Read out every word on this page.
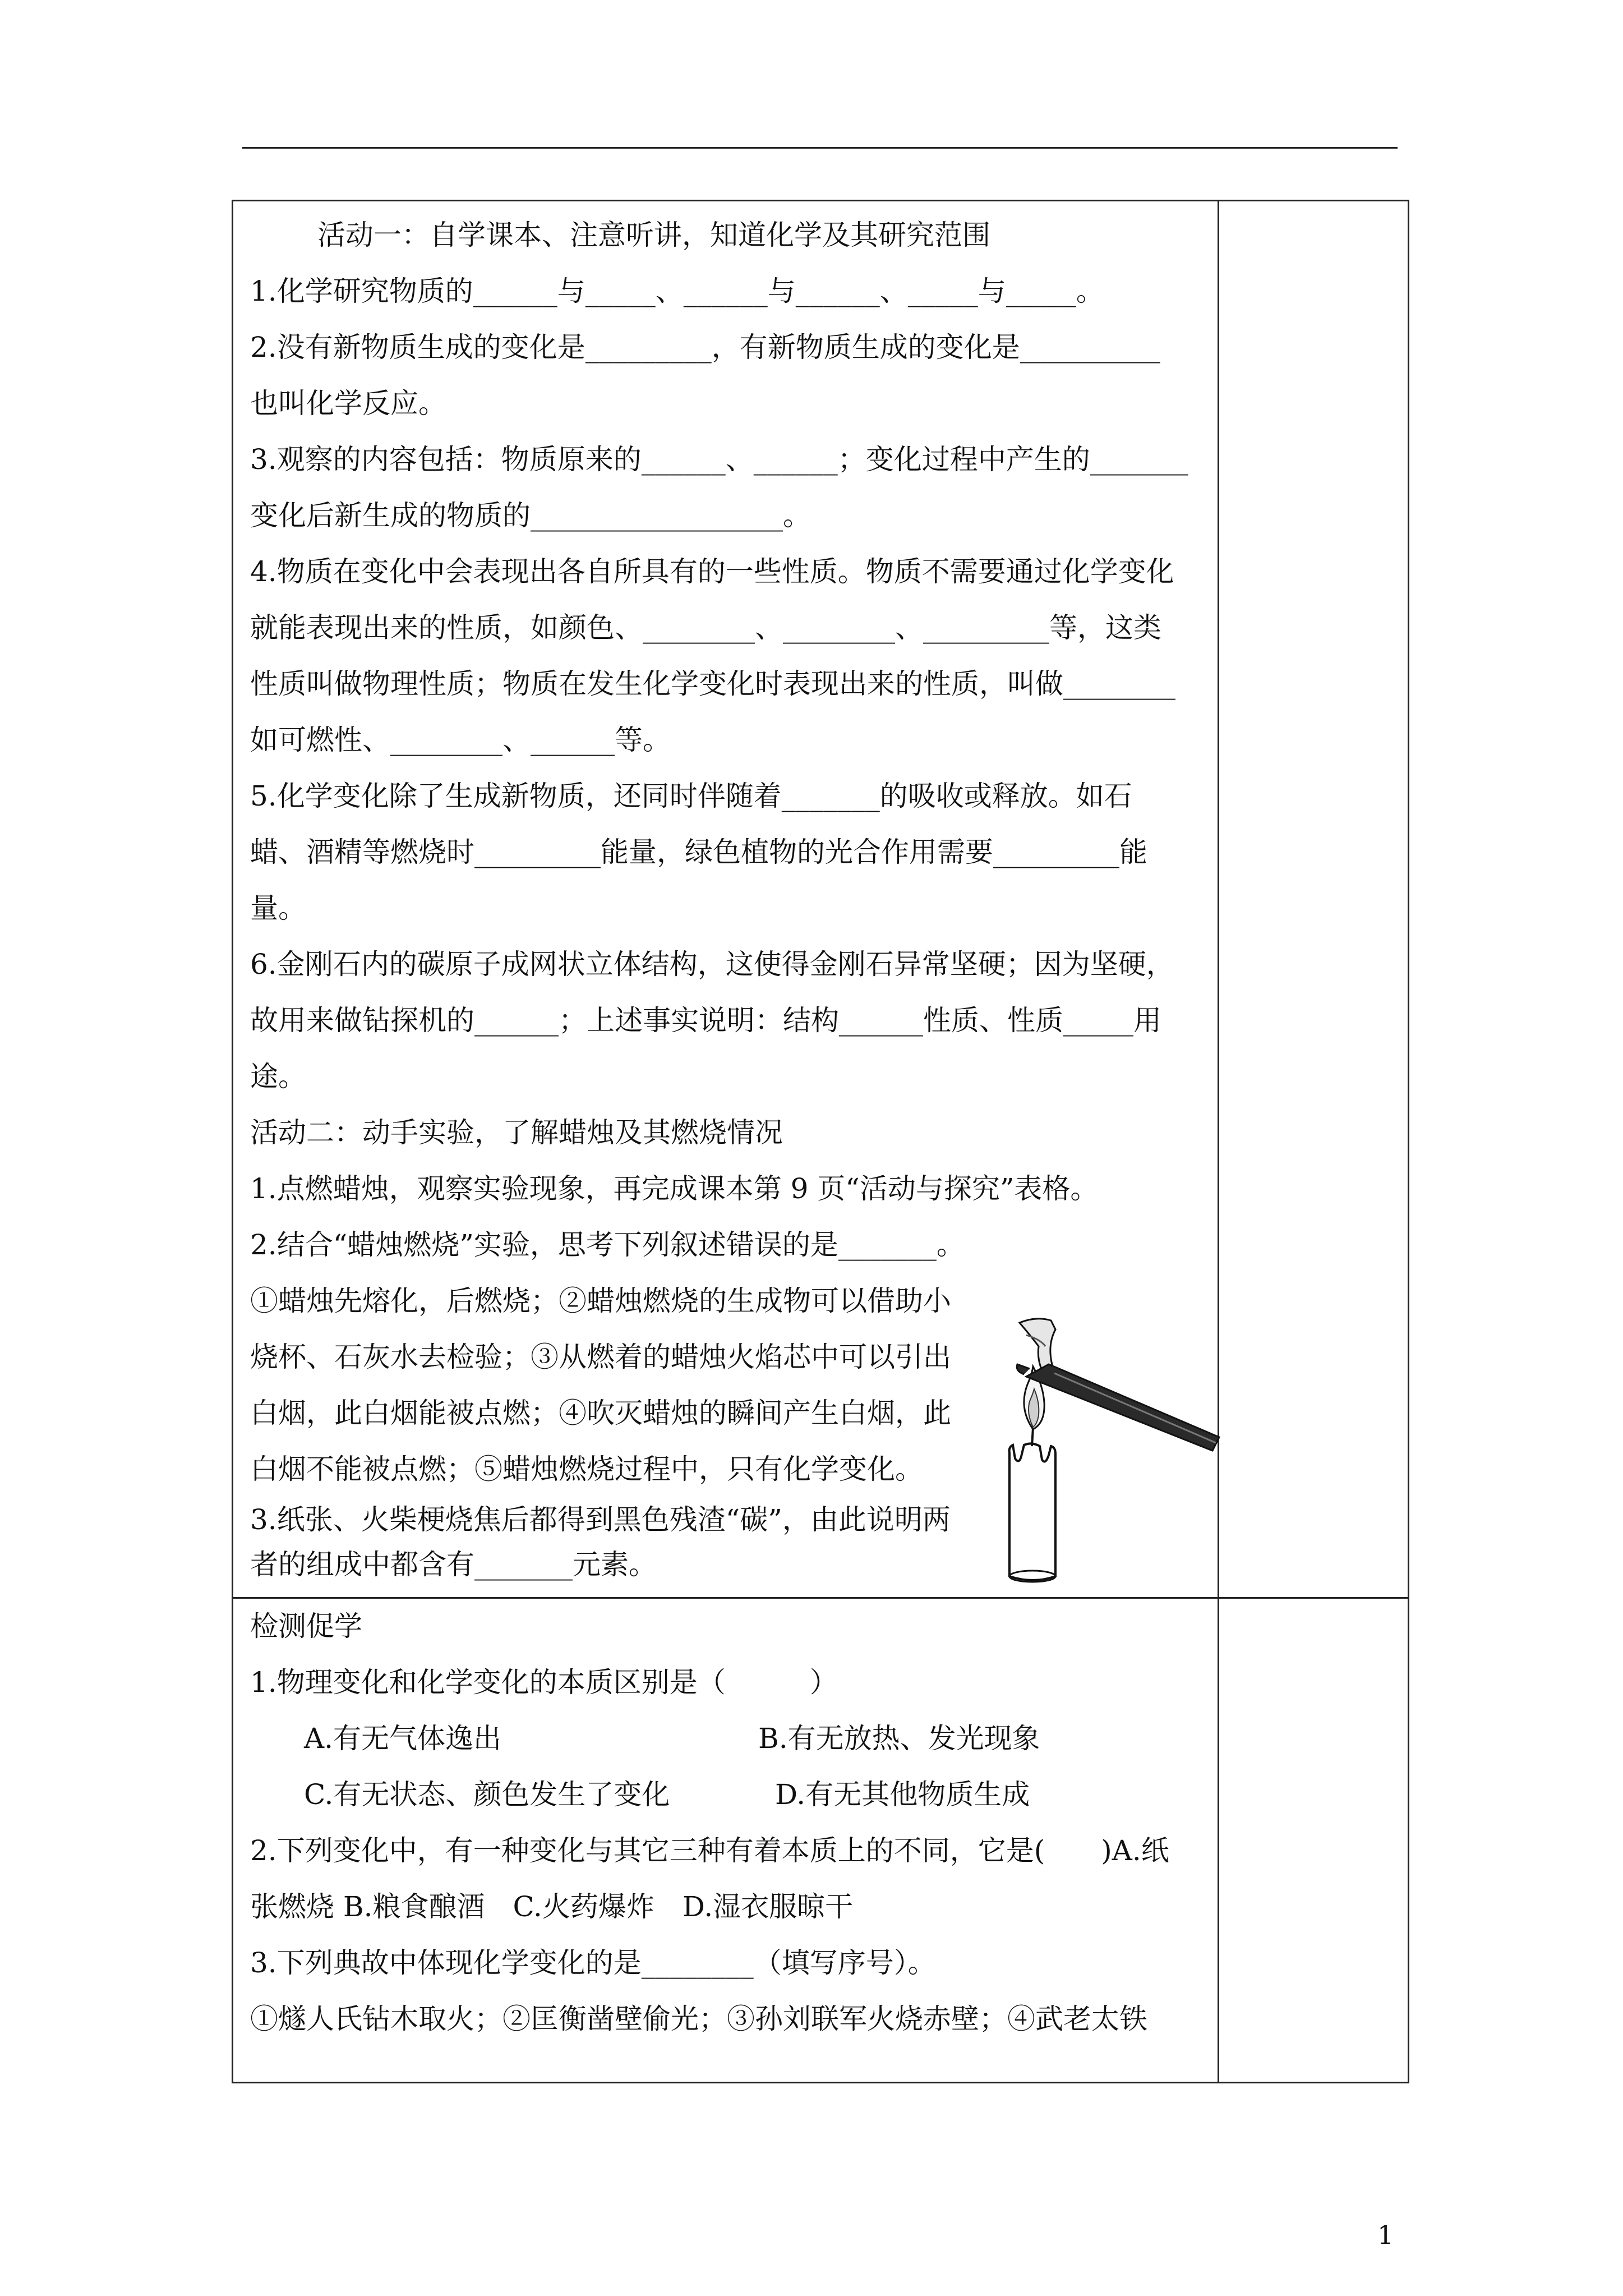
活动一：自学课本、注意听讲，知道化学及其研究范围
1.化学研究物质的______与_____、______与______、_____与_____。
2.没有新物质生成的变化是_________，有新物质生成的变化是__________
也叫化学反应。
3.观察的内容包括：物质原来的______、______；变化过程中产生的_______
变化后新生成的物质的__________________。
4.物质在变化中会表现出各自所具有的一些性质。物质不需要通过化学变化
就能表现出来的性质，如颜色、________、________、_________等，这类
性质叫做物理性质；物质在发生化学变化时表现出来的性质，叫做________
如可燃性、________、______等。
5.化学变化除了生成新物质，还同时伴随着_______的吸收或释放。如石
蜡、酒精等燃烧时_________能量，绿色植物的光合作用需要_________能
量。
6.金刚石内的碳原子成网状立体结构，这使得金刚石异常坚硬；因为坚硬，
故用来做钻探机的______；上述事实说明：结构______性质、性质_____用
途。
活动二：动手实验，了解蜡烛及其燃烧情况
1.点燃蜡烛，观察实验现象，再完成课本第 9 页“活动与探究”表格。
2.结合“蜡烛燃烧”实验，思考下列叙述错误的是_______。
①蜡烛先熔化，后燃烧；②蜡烛燃烧的生成物可以借助小
烧杯、石灰水去检验；③从燃着的蜡烛火焰芯中可以引出
白烟，此白烟能被点燃；④吹灭蜡烛的瞬间产生白烟，此
白烟不能被点燃；⑤蜡烛燃烧过程中，只有化学变化。
3.纸张、火柴梗烧焦后都得到黑色残渣“碳”，由此说明两
者的组成中都含有_______元素。
检测促学
1.物理变化和化学变化的本质区别是（　　　）
A.有无气体逸出	B.有无放热、发光现象
C.有无状态、颜色发生了变化	D.有无其他物质生成
2.下列变化中，有一种变化与其它三种有着本质上的不同，它是(　　)A.纸
张燃烧 B.粮食酿酒　C.火药爆炸　D.湿衣服晾干
3.下列典故中体现化学变化的是________（填写序号）。
①燧人氏钻木取火；②匡衡凿壁偷光；③孙刘联军火烧赤壁；④武老太铁
1
